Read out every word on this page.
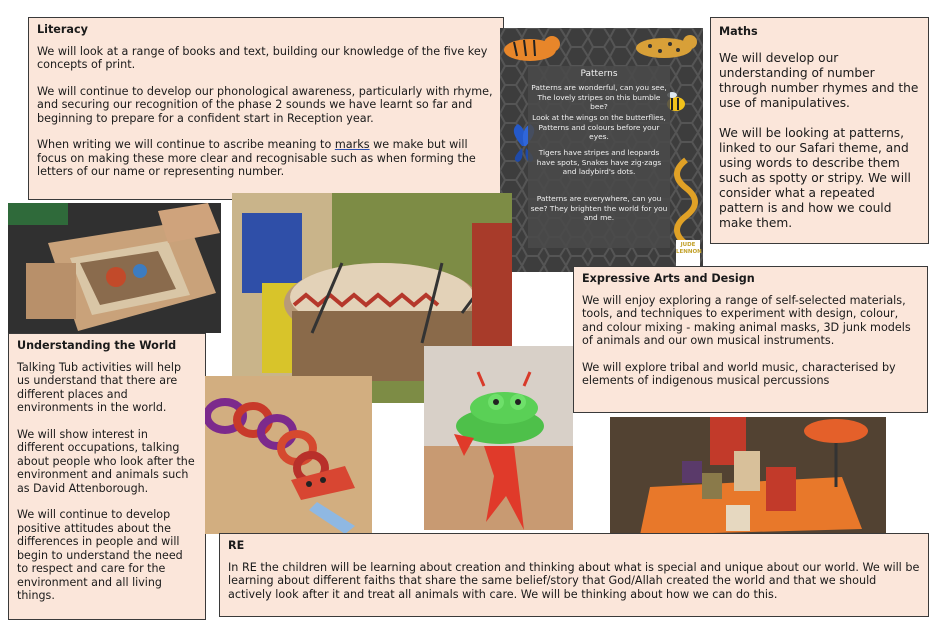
Literacy

We will look at a range of books and text, building our knowledge of the five key concepts of print.

We will continue to develop our phonological awareness, particularly with rhyme, and securing our recognition of the phase 2 sounds we have learnt so far and beginning to prepare for a confident start in Reception year.

When writing we will continue to ascribe meaning to marks we make but will focus on making these more clear and recognisable such as when forming the letters of our name or representing number.

Patterns
Patterns are wonderful, can you see, The lovely stripes on this bumble bee?
Look at the wings on the butterflies, Patterns and colours before your eyes.
Tigers have stripes and leopards have spots, Snakes have zig-zags and ladybird's dots.
Patterns are everywhere, can you see? They brighten the world for you and me.
JUDE
LENNON
Maths

We will develop our understanding of number through number rhymes and the use of manipulatives.

We will be looking at patterns, linked to our Safari theme, and using words to describe them such as spotty or stripy. We will consider what a repeated pattern is and how we could make them.

Expressive Arts and Design

We will enjoy exploring a range of self-selected materials, tools, and techniques to experiment with design, colour, and colour mixing - making animal masks, 3D junk models of animals and our own musical instruments.

We will explore tribal and world music, characterised by elements of indigenous musical percussions

Understanding the World

Talking Tub activities will help us understand that there are different places and environments in the world.

We will show interest in different occupations, talking about people who look after the environment and animals such as David Attenborough.

We will continue to develop positive attitudes about the differences in people and will begin to understand the need to respect and care for the environment and all living things.

RE

In RE the children will be learning about creation and thinking about what is special and unique about our world. We will be learning about different faiths that share the same belief/story that God/Allah created the world and that we should actively look after it and treat all animals with care. We will be thinking about how we can do this.
